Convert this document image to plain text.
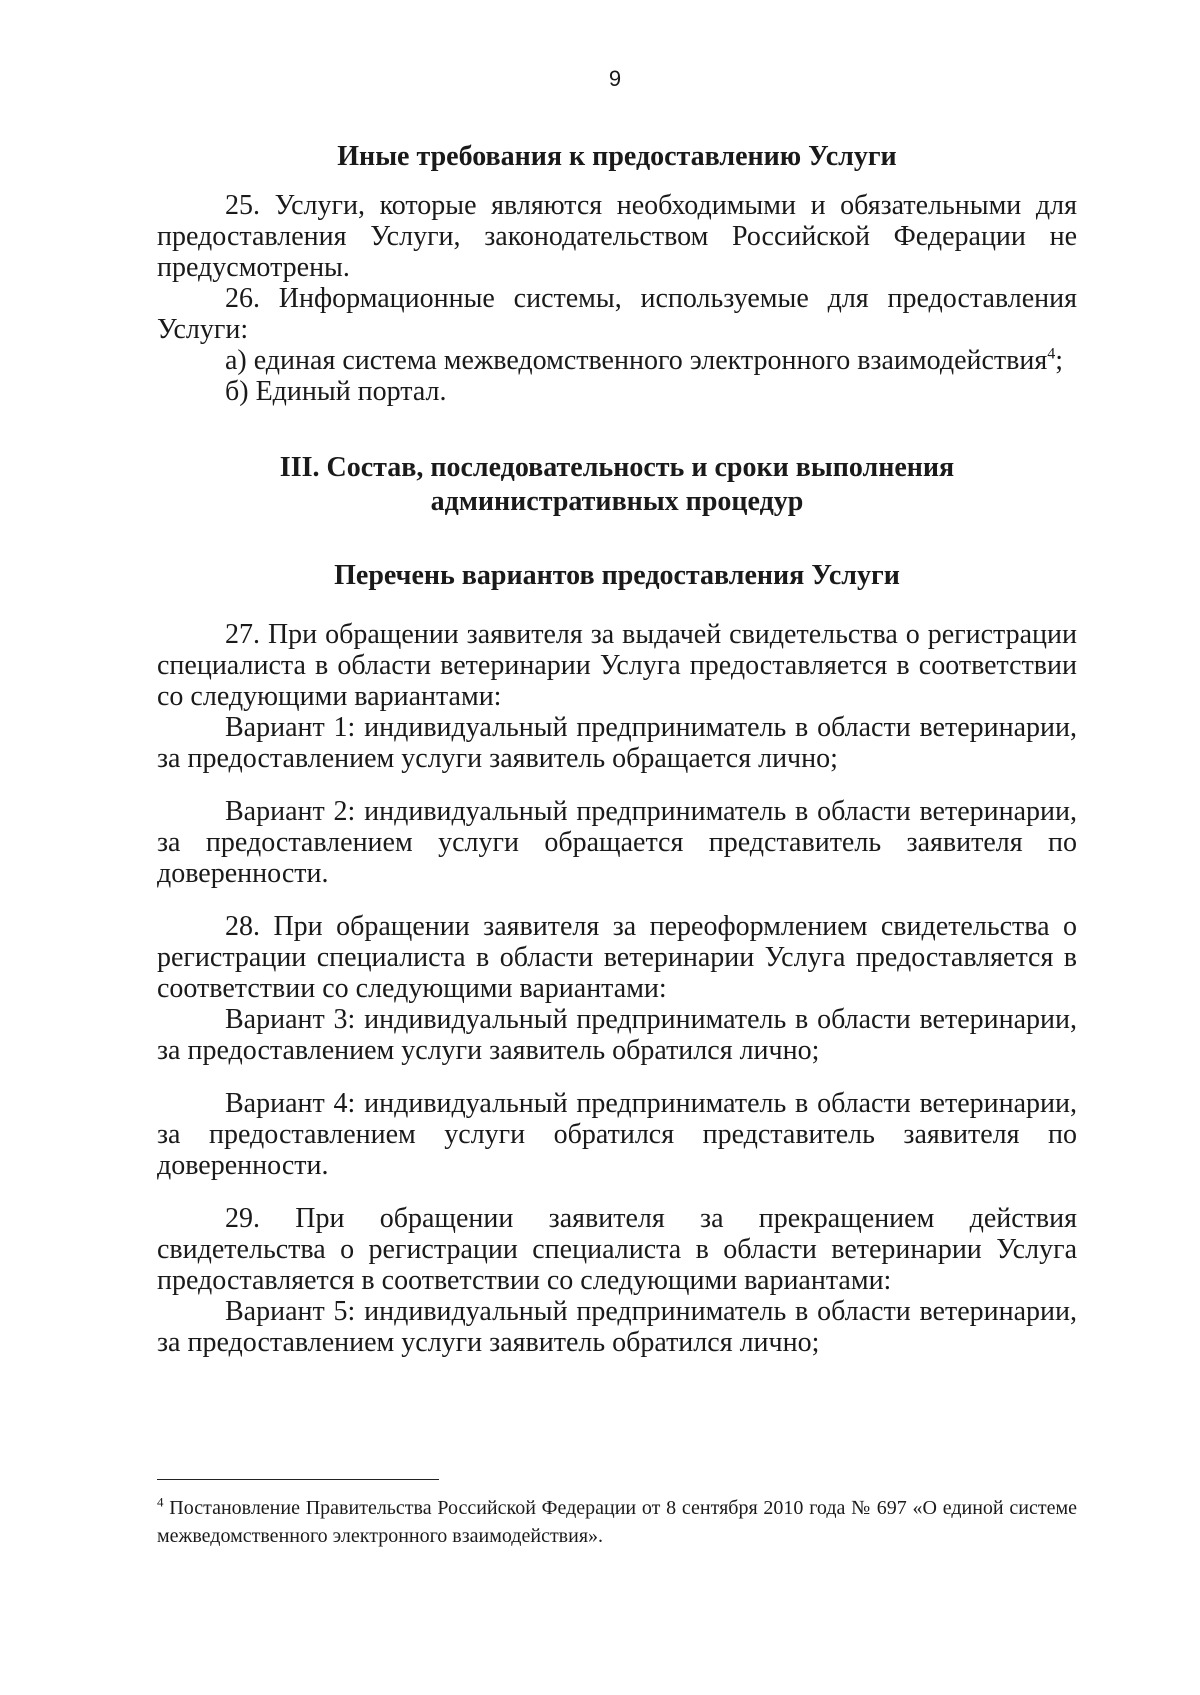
9
Иные требования к предоставлению Услуги

25. Услуги, которые являются необходимыми и обязательными для предоставления Услуги, законодательством Российской Федерации не предусмотрены.

26. Информационные системы, используемые для предоставления Услуги:

а) единая система межведомственного электронного взаимодействия$^4$;

б) Единый портал.

III. Состав, последовательность и сроки выполнения
административных процедур
Перечень вариантов предоставления Услуги

27. При обращении заявителя за выдачей свидетельства о регистрации специалиста в области ветеринарии Услуга предоставляется в соответствии со следующими вариантами:

Вариант 1: индивидуальный предприниматель в области ветеринарии, за предоставлением услуги заявитель обращается лично;

Вариант 2: индивидуальный предприниматель в области ветеринарии, за предоставлением услуги обращается представитель заявителя по доверенности.

28. При обращении заявителя за переоформлением свидетельства о регистрации специалиста в области ветеринарии Услуга предоставляется в соответствии со следующими вариантами:

Вариант 3: индивидуальный предприниматель в области ветеринарии, за предоставлением услуги заявитель обратился лично;

Вариант 4: индивидуальный предприниматель в области ветеринарии, за предоставлением услуги обратился представитель заявителя по доверенности.

29. При обращении заявителя за прекращением действия свидетельства о регистрации специалиста в области ветеринарии Услуга предоставляется в соответствии со следующими вариантами:

Вариант 5: индивидуальный предприниматель в области ветеринарии, за предоставлением услуги заявитель обратился лично;

$^4$ Постановление Правительства Российской Федерации от 8 сентября 2010 года № 697 «О единой системе межведомственного электронного взаимодействия».
